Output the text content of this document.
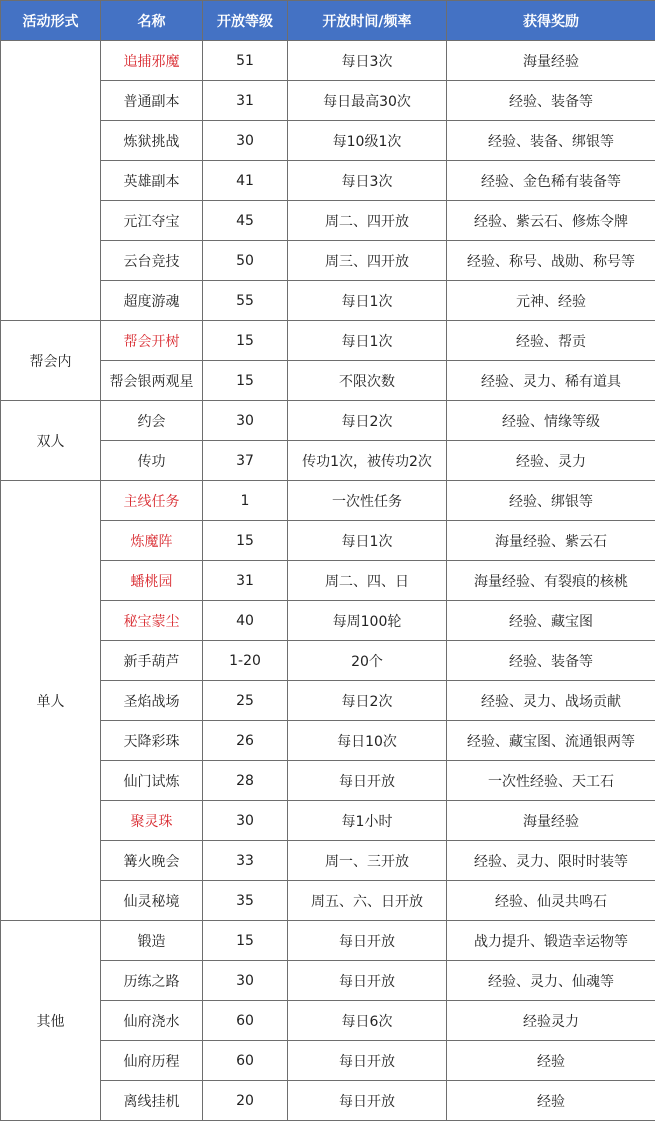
活动形式	名称	开放等级	开放时间/频率	获得奖励
	追捕邪魔	51	每日3次	海量经验
	普通副本	31	每日最高30次	经验、装备等
	炼狱挑战	30	每10级1次	经验、装备、绑银等
	英雄副本	41	每日3次	经验、金色稀有装备等
	元江夺宝	45	周二、四开放	经验、紫云石、修炼令牌
	云台竞技	50	周三、四开放	经验、称号、战勋、称号等
	超度游魂	55	每日1次	元神、经验
帮会内	帮会开树	15	每日1次	经验、帮贡
	帮会银两观星	15	不限次数	经验、灵力、稀有道具
双人	约会	30	每日2次	经验、情缘等级
	传功	37	传功1次，被传功2次	经验、灵力
单人	主线任务	1	一次性任务	经验、绑银等
	炼魔阵	15	每日1次	海量经验、紫云石
	蟠桃园	31	周二、四、日	海量经验、有裂痕的核桃
	秘宝蒙尘	40	每周100轮	经验、藏宝图
	新手葫芦	1-20	20个	经验、装备等
	圣焰战场	25	每日2次	经验、灵力、战场贡献
	天降彩珠	26	每日10次	经验、藏宝图、流通银两等
	仙门试炼	28	每日开放	一次性经验、天工石
	聚灵珠	30	每1小时	海量经验
	篝火晚会	33	周一、三开放	经验、灵力、限时时装等
	仙灵秘境	35	周五、六、日开放	经验、仙灵共鸣石
其他	锻造	15	每日开放	战力提升、锻造幸运物等
	历练之路	30	每日开放	经验、灵力、仙魂等
	仙府浇水	60	每日6次	经验灵力
	仙府历程	60	每日开放	经验
	离线挂机	20	每日开放	经验
